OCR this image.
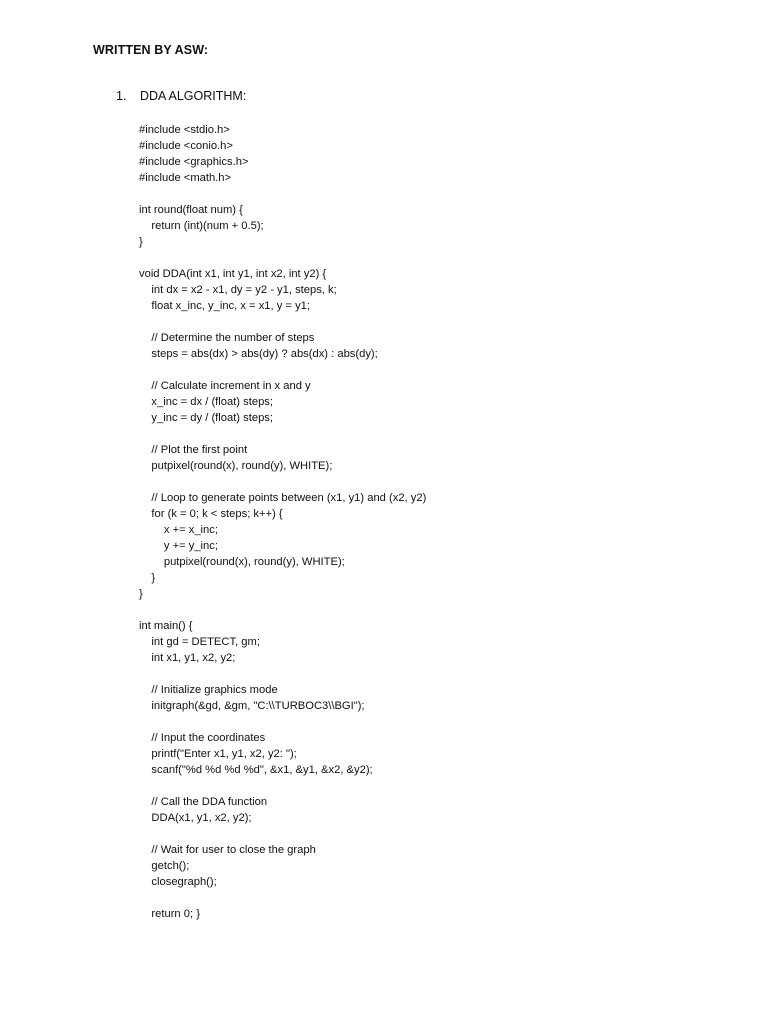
WRITTEN BY ASW:
1. DDA ALGORITHM:
#include <stdio.h>
#include <conio.h>
#include <graphics.h>
#include <math.h>
int round(float num) {
return (int)(num + 0.5);
}
void DDA(int x1, int y1, int x2, int y2) {
int dx = x2 - x1, dy = y2 - y1, steps, k;
float x_inc, y_inc, x = x1, y = y1;
// Determine the number of steps
steps = abs(dx) > abs(dy) ? abs(dx) : abs(dy);
// Calculate increment in x and y
x_inc = dx / (float) steps;
y_inc = dy / (float) steps;
// Plot the first point
putpixel(round(x), round(y), WHITE);
// Loop to generate points between (x1, y1) and (x2, y2)
for (k = 0; k < steps; k++) {
x += x_inc;
y += y_inc;
putpixel(round(x), round(y), WHITE);
}
}
int main() {
int gd = DETECT, gm;
int x1, y1, x2, y2;
// Initialize graphics mode
initgraph(&gd, &gm, "C:\\TURBOC3\\BGI");
// Input the coordinates
printf("Enter x1, y1, x2, y2: ");
scanf("%d %d %d %d", &x1, &y1, &x2, &y2);
// Call the DDA function
DDA(x1, y1, x2, y2);
// Wait for user to close the graph
getch();
closegraph();
return 0; }
